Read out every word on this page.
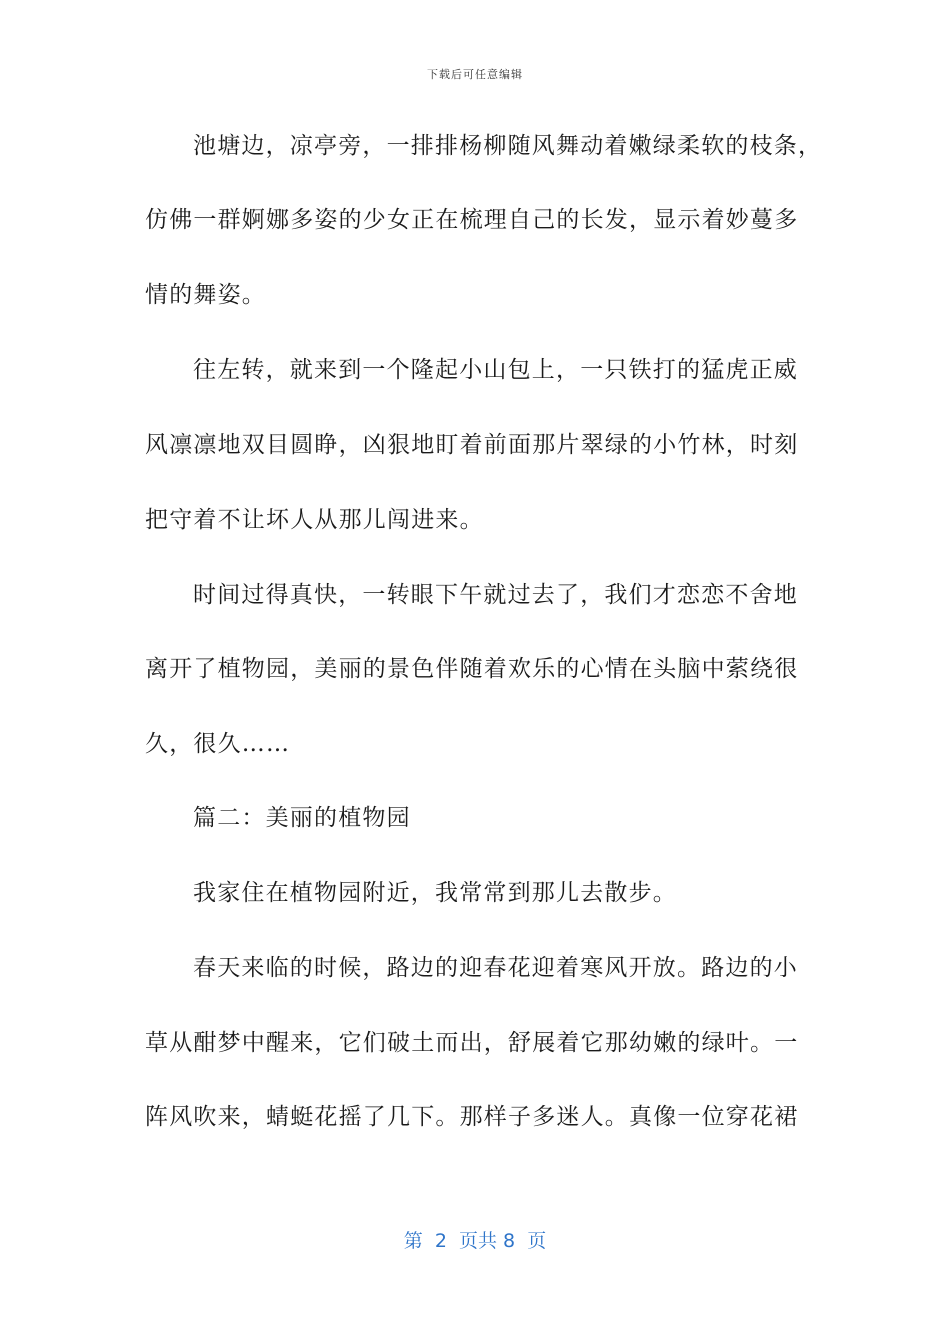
下载后可任意编辑
池塘边，凉亭旁，一排排杨柳随风舞动着嫩绿柔软的枝条，
仿佛一群婀娜多姿的少女正在梳理自己的长发，显示着妙蔓多
情的舞姿。
往左转，就来到一个隆起小山包上，一只铁打的猛虎正威
风凛凛地双目圆睁，凶狠地盯着前面那片翠绿的小竹林，时刻
把守着不让坏人从那儿闯进来。
时间过得真快，一转眼下午就过去了，我们才恋恋不舍地
离开了植物园，美丽的景色伴随着欢乐的心情在头脑中萦绕很
久，很久……
篇二：美丽的植物园
我家住在植物园附近，我常常到那儿去散步。
春天来临的时候，路边的迎春花迎着寒风开放。路边的小
草从酣梦中醒来，它们破土而出，舒展着它那幼嫩的绿叶。一
阵风吹来，蜻蜓花摇了几下。那样子多迷人。真像一位穿花裙
第  2  页共 8  页
